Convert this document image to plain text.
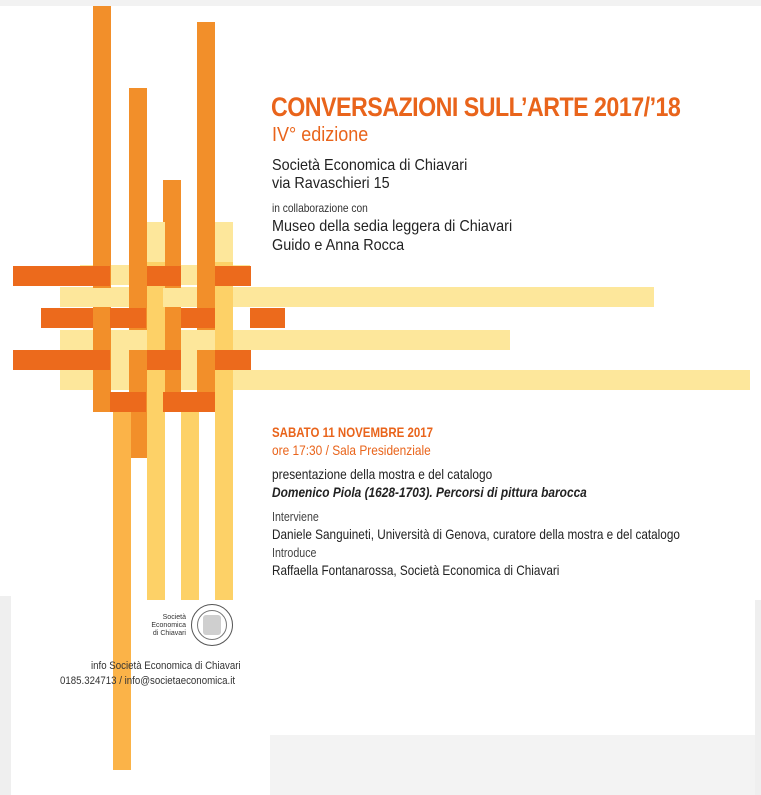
CONVERSAZIONI SULL’ARTE 2017/’18
IV° edizione
Società Economica di Chiavari
via Ravaschieri 15
in collaborazione con
Museo della sedia leggera di Chiavari
Guido e Anna Rocca
SABATO 11 NOVEMBRE 2017
ore 17:30 / Sala Presidenziale
presentazione della mostra e del catalogo
Domenico Piola (1628-1703). Percorsi di pittura barocca
Interviene
Daniele Sanguineti, Università di Genova, curatore della mostra e del catalogo
Introduce
Raffaella Fontanarossa, Società Economica di Chiavari
Società
Economica
di Chiavari
info Società Economica di Chiavari
0185.324713 / info@societaeconomica.it
